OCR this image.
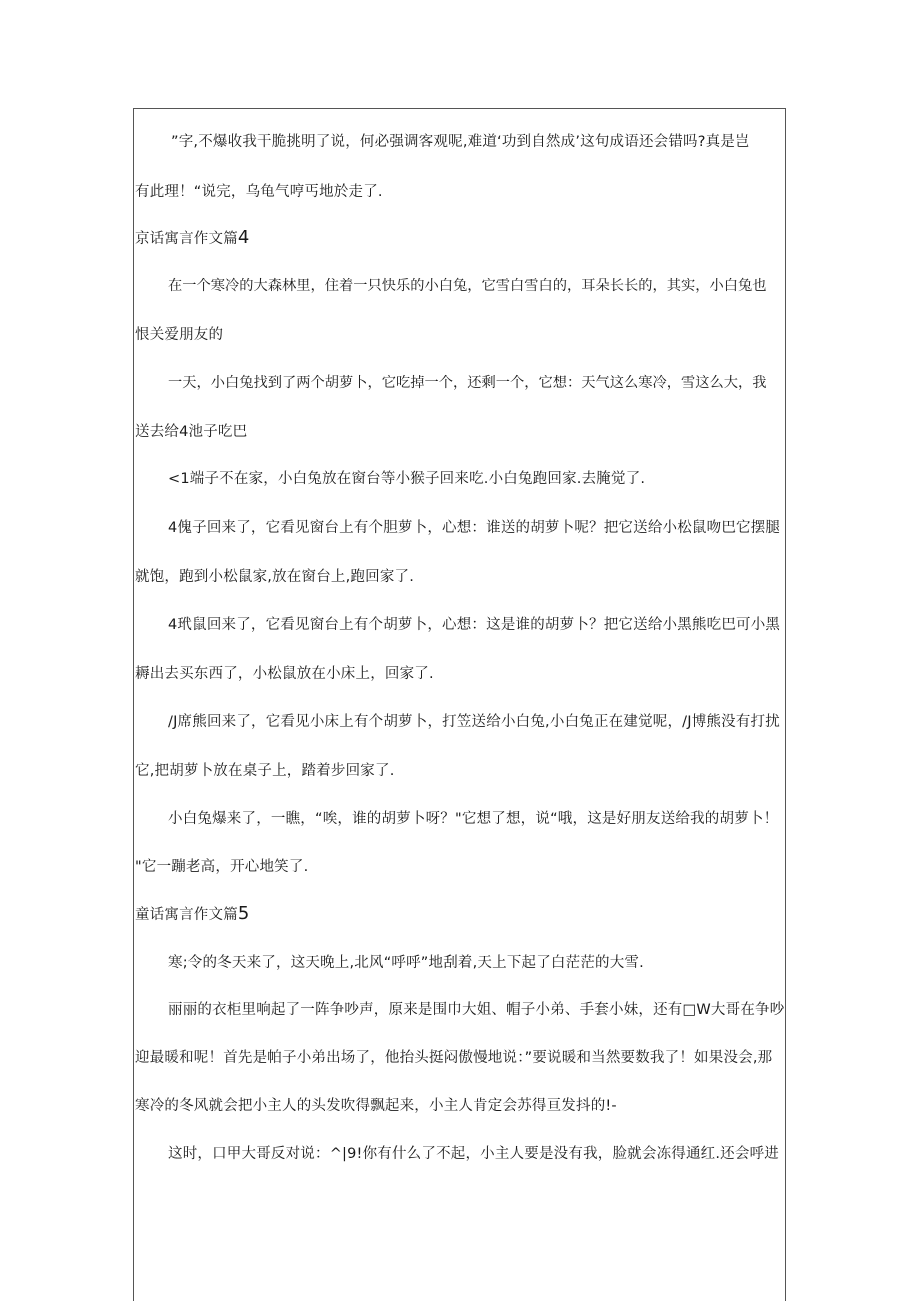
”字,不爆收我干脆挑明了说，何必强调客观呢,难道‘功到自然成’这句成语还会错吗?真是岂
有此理！“说完，乌龟气哼丐地於走了.
京话寓言作文篇4
在一个寒冷的大森林里，住着一只快乐的小白兔，它雪白雪白的，耳朵长长的，其实，小白兔也
恨关爱朋友的
一天，小白兔找到了两个胡萝卜，它吃掉一个，还剩一个，它想：天气这么寒冷，雪这么大，我
送去给4池子吃巴
<1端子不在家，小白兔放在窗台等小猴子回来吃.小白兔跑回家.去腌觉了.
4傀子回来了，它看见窗台上有个胆萝卜，心想：谁送的胡萝卜呢？把它送给小松鼠吻巴它摆腿
就饱，跑到小松鼠家,放在窗台上,跑回家了.
4玳鼠回来了，它看见窗台上有个胡萝卜，心想：这是谁的胡萝卜？把它送给小黑熊吃巴可小黑
耨出去买东西了，小松鼠放在小床上，回家了.
/J席熊回来了，它看见小床上有个胡萝卜，打笠送给小白兔,小白兔正在建觉呢，/J博熊没有打扰
它,把胡萝卜放在桌子上，踏着步回家了.
小白兔爆来了，一瞧，“唉，谁的胡萝卜呀？"它想了想，说“哦，这是好朋友送给我的胡萝卜！
"它一蹦老高，开心地笑了.
童话寓言作文篇5
寒;令的冬天来了，这天晚上,北风“呼呼”地刮着,天上下起了白茫茫的大雪.
丽丽的衣柜里响起了一阵争吵声，原来是围巾大姐、帽子小弟、手套小妹，还有□W大哥在争吵
迎最暖和呢！首先是帕子小弟出场了，他抬头挺闷傲慢地说：”要说暖和当然要数我了！如果没会,那
寒冷的冬风就会把小主人的头发吹得飘起来，小主人肯定会苏得亘发抖的!-
这时，口甲大哥反对说：^|9!你有什么了不起，小主人要是没有我，脸就会冻得通红.还会呼进
